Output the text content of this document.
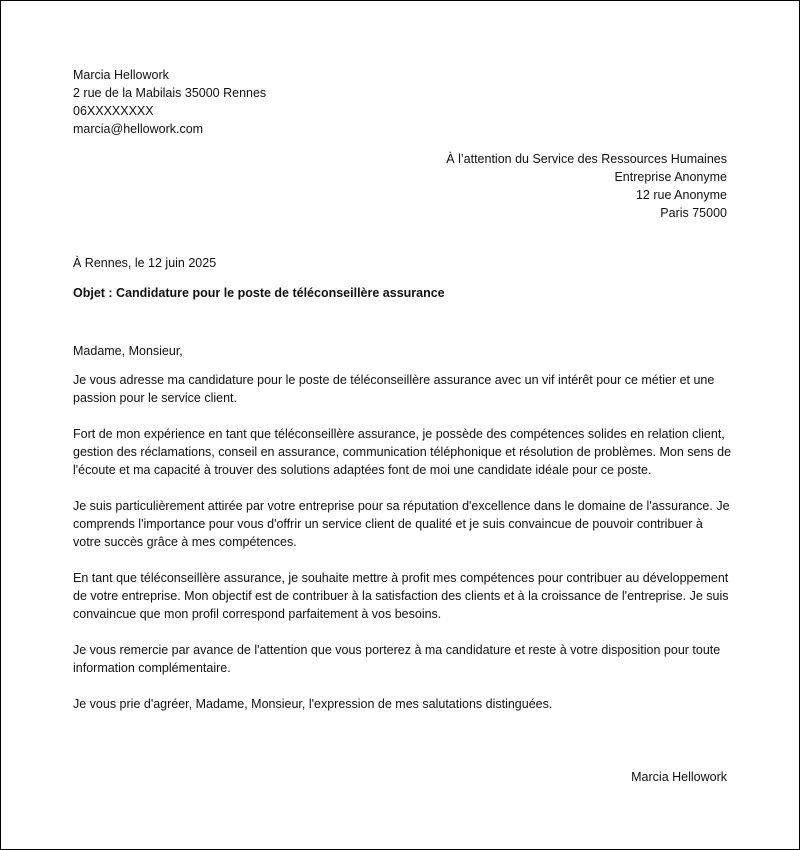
Marcia Hellowork
2 rue de la Mabilais 35000 Rennes
06XXXXXXXX
marcia@hellowork.com
À l’attention du Service des Ressources Humaines
Entreprise Anonyme
12 rue Anonyme
Paris 75000
À Rennes, le 12 juin 2025
Objet : Candidature pour le poste de téléconseillère assurance

Madame, Monsieur,

Je vous adresse ma candidature pour le poste de téléconseillère assurance avec un vif intérêt pour ce métier et une passion pour le service client.

Fort de mon expérience en tant que téléconseillère assurance, je possède des compétences solides en relation client, gestion des réclamations, conseil en assurance, communication téléphonique et résolution de problèmes. Mon sens de l'écoute et ma capacité à trouver des solutions adaptées font de moi une candidate idéale pour ce poste.

Je suis particulièrement attirée par votre entreprise pour sa réputation d'excellence dans le domaine de l'assurance. Je comprends l'importance pour vous d'offrir un service client de qualité et je suis convaincue de pouvoir contribuer à votre succès grâce à mes compétences.

En tant que téléconseillère assurance, je souhaite mettre à profit mes compétences pour contribuer au développement de votre entreprise. Mon objectif est de contribuer à la satisfaction des clients et à la croissance de l'entreprise. Je suis convaincue que mon profil correspond parfaitement à vos besoins.

Je vous remercie par avance de l'attention que vous porterez à ma candidature et reste à votre disposition pour toute information complémentaire.

Je vous prie d'agréer, Madame, Monsieur, l'expression de mes salutations distinguées.

Marcia Hellowork
